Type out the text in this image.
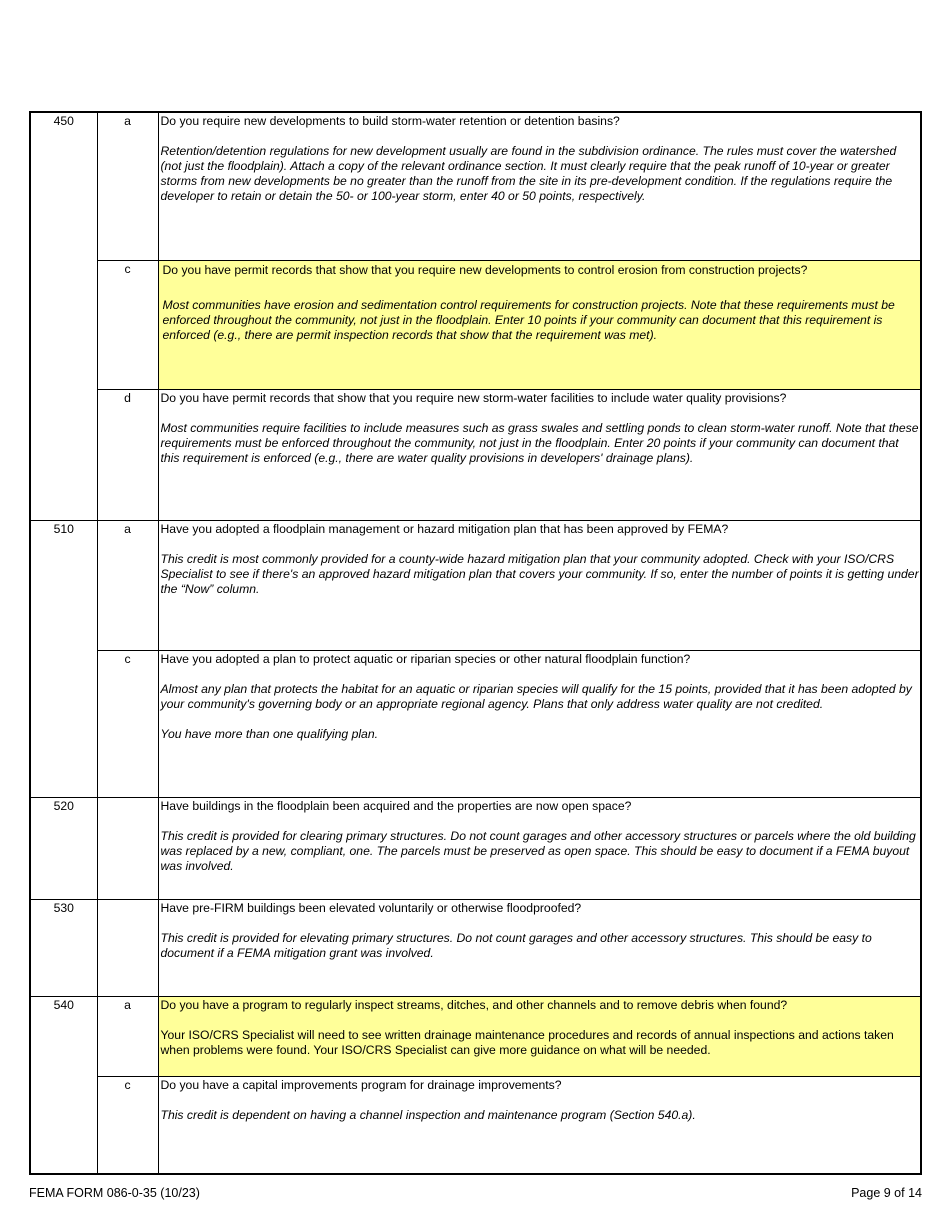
450	a	Do you require new developments to build storm-water retention or detention basins?
Retention/detention regulations for new development usually are found in the subdivision ordinance. The rules must cover the watershed (not just the floodplain). Attach a copy of the relevant ordinance section. It must clearly require that the peak runoff of 10-year or greater storms from new developments be no greater than the runoff from the site in its pre-development condition. If the regulations require the developer to retain or detain the 50- or 100-year storm, enter 40 or 50 points, respectively.

	c	Do you have permit records that show that you require new developments to control erosion from construction projects?
Most communities have erosion and sedimentation control requirements for construction projects. Note that these requirements must be enforced throughout the community, not just in the floodplain. Enter 10 points if your community can document that this requirement is enforced (e.g., there are permit inspection records that show that the requirement was met).

	d	Do you have permit records that show that you require new storm-water facilities to include water quality provisions?
Most communities require facilities to include measures such as grass swales and settling ponds to clean storm-water runoff. Note that these requirements must be enforced throughout the community, not just in the floodplain. Enter 20 points if your community can document that this requirement is enforced (e.g., there are water quality provisions in developers' drainage plans).

510	a	Have you adopted a floodplain management or hazard mitigation plan that has been approved by FEMA?
This credit is most commonly provided for a county-wide hazard mitigation plan that your community adopted. Check with your ISO/CRS Specialist to see if there's an approved hazard mitigation plan that covers your community. If so, enter the number of points it is getting under the “Now” column.

	c	Have you adopted a plan to protect aquatic or riparian species or other natural floodplain function?
Almost any plan that protects the habitat for an aquatic or riparian species will qualify for the 15 points, provided that it has been adopted by your community's governing body or an appropriate regional agency. Plans that only address water quality are not credited.
You have more than one qualifying plan.

520		Have buildings in the floodplain been acquired and the properties are now open space?
This credit is provided for clearing primary structures. Do not count garages and other accessory structures or parcels where the old building was replaced by a new, compliant, one. The parcels must be preserved as open space. This should be easy to document if a FEMA buyout was involved.

530		Have pre-FIRM buildings been elevated voluntarily or otherwise floodproofed?
This credit is provided for elevating primary structures. Do not count garages and other accessory structures. This should be easy to document if a FEMA mitigation grant was involved.

540	a	Do you have a program to regularly inspect streams, ditches, and other channels and to remove debris when found?
Your ISO/CRS Specialist will need to see written drainage maintenance procedures and records of annual inspections and actions taken when problems were found. Your ISO/CRS Specialist can give more guidance on what will be needed.

	c	Do you have a capital improvements program for drainage improvements?
This credit is dependent on having a channel inspection and maintenance program (Section 540.a).
FEMA FORM 086-0-35 (10/23)	Page 9 of 14
